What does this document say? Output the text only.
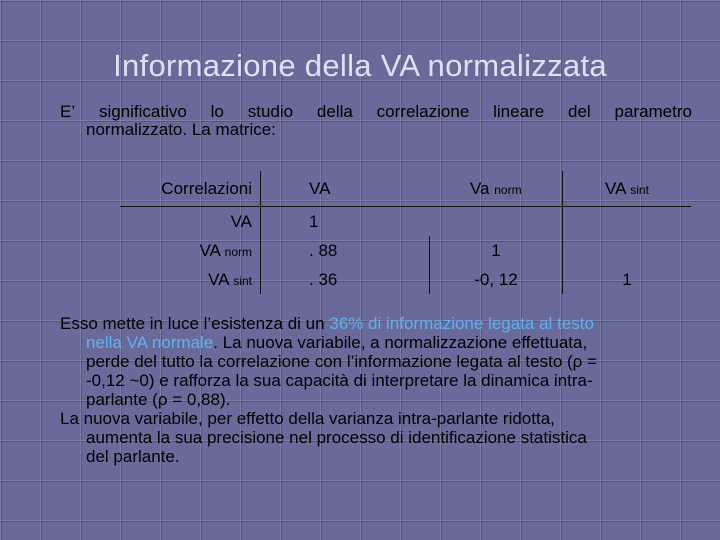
Informazione della VA normalizzata
E’ significativo lo studio della correlazione lineare del parametro
normalizzato. La matrice:
Correlazioni	VA	Va norm	VA sint
VA	1		
VA norm	. 88	1	
VA sint	. 36	-0, 12	1
Esso mette in luce l’esistenza di un 36% di informazione legata al testo
nella VA normale. La nuova variabile, a normalizzazione effettuata,
perde del tutto la correlazione con l’informazione legata al testo (ρ =
-0,12 ~0) e rafforza la sua capacità di interpretare la dinamica intra-
parlante (ρ = 0,88).
La nuova variabile, per effetto della varianza intra-parlante ridotta,
aumenta la sua precisione nel processo di identificazione statistica
del parlante.
